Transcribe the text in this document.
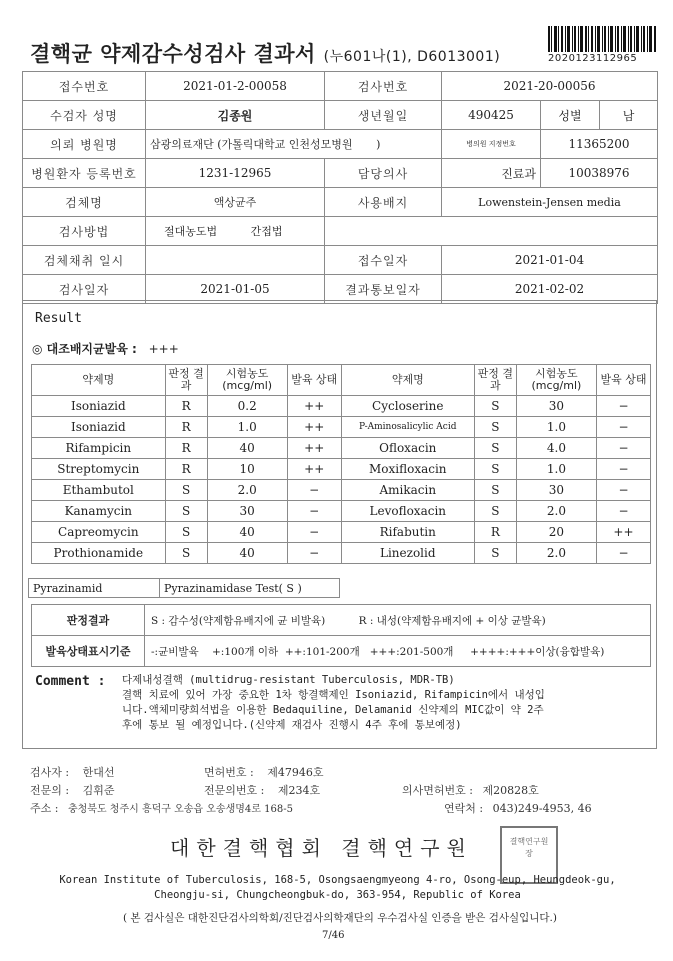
결핵균 약제감수성검사 결과서 (누601나(1), D6013001)	2020123112965
접수번호	2021-01-2-00058	검사번호	2021-20-00056		
수검자 성명	김종원	생년월일	490425	성별	남
의뢰 병원명	삼광의료재단 (가톨릭대학교 인천성모병원 )		병의원 지정번호	11365200	
병원환자 등록번호	1231-12965	담당의사	진료과	10038976	
검체명	액상균주	사용배지	Lowenstein-Jensen media		
검사방법	절대농도법 간접법				
검체채취 일시		접수일자	2021-01-04		
검사일자	2021-01-05	결과통보일자	2021-02-02		
Result
◎ 대조배지균발육 : +++
약제명	판정 결과	시험농도 (mcg/ml)	발육 상태	약제명	판정 결과	시험농도 (mcg/ml)	발육 상태
Isoniazid	R	0.2	++	Cycloserine	S	30	−
Isoniazid	R	1.0	++	P-Aminosalicylic Acid	S	1.0	−
Rifampicin	R	40	++	Ofloxacin	S	4.0	−
Streptomycin	R	10	++	Moxifloxacin	S	1.0	−
Ethambutol	S	2.0	−	Amikacin	S	30	−
Kanamycin	S	30	−	Levofloxacin	S	2.0	−
Capreomycin	S	40	−	Rifabutin	R	20	++
Prothionamide	S	40	−	Linezolid	S	2.0	−
Pyrazinamid	Pyrazinamidase Test( S )
판정결과	S : 감수성(약제함유배지에 균 비발육) R : 내성(약제함유배지에 + 이상 균발육)
발육상태표시기준	-:균비발육    +:100개 이하  ++:101-200개   +++:201-500개     ++++:+++이상(융합발육)
Comment : 다제내성결핵 (multidrug-resistant Tuberculosis, MDR-TB)
결핵 치료에 있어 가장 중요한 1차 항결핵제인 Isoniazid, Rifampicin에서 내성입
니다.액체미량희석법을 이용한 Bedaquiline, Delamanid 신약제의 MIC값이 약 2주
후에 통보 될 예정입니다.(신약제 재검사 진행시 4주 후에 통보예정)
검사자 : 한대선	면허번호 : 제47946호
전문의 : 김휘준	전문의번호 : 제234호	의사면허번호 : 제20828호
주소 : 충청북도 청주시 흥덕구 오송읍 오송생명4로 168-5	연락처 : 043)249-4953, 46
대한결핵협회 결핵연구원	결핵연구원장
Korean Institute of Tuberculosis, 168-5, Osongsaengmyeong 4-ro, Osong-eup, Heungdeok-gu,
Cheongju-si, Chungcheongbuk-do, 363-954, Republic of Korea
( 본 검사실은 대한진단검사의학회/진단검사의학재단의 우수검사실 인증을 받은 검사실입니다.)
7/46
